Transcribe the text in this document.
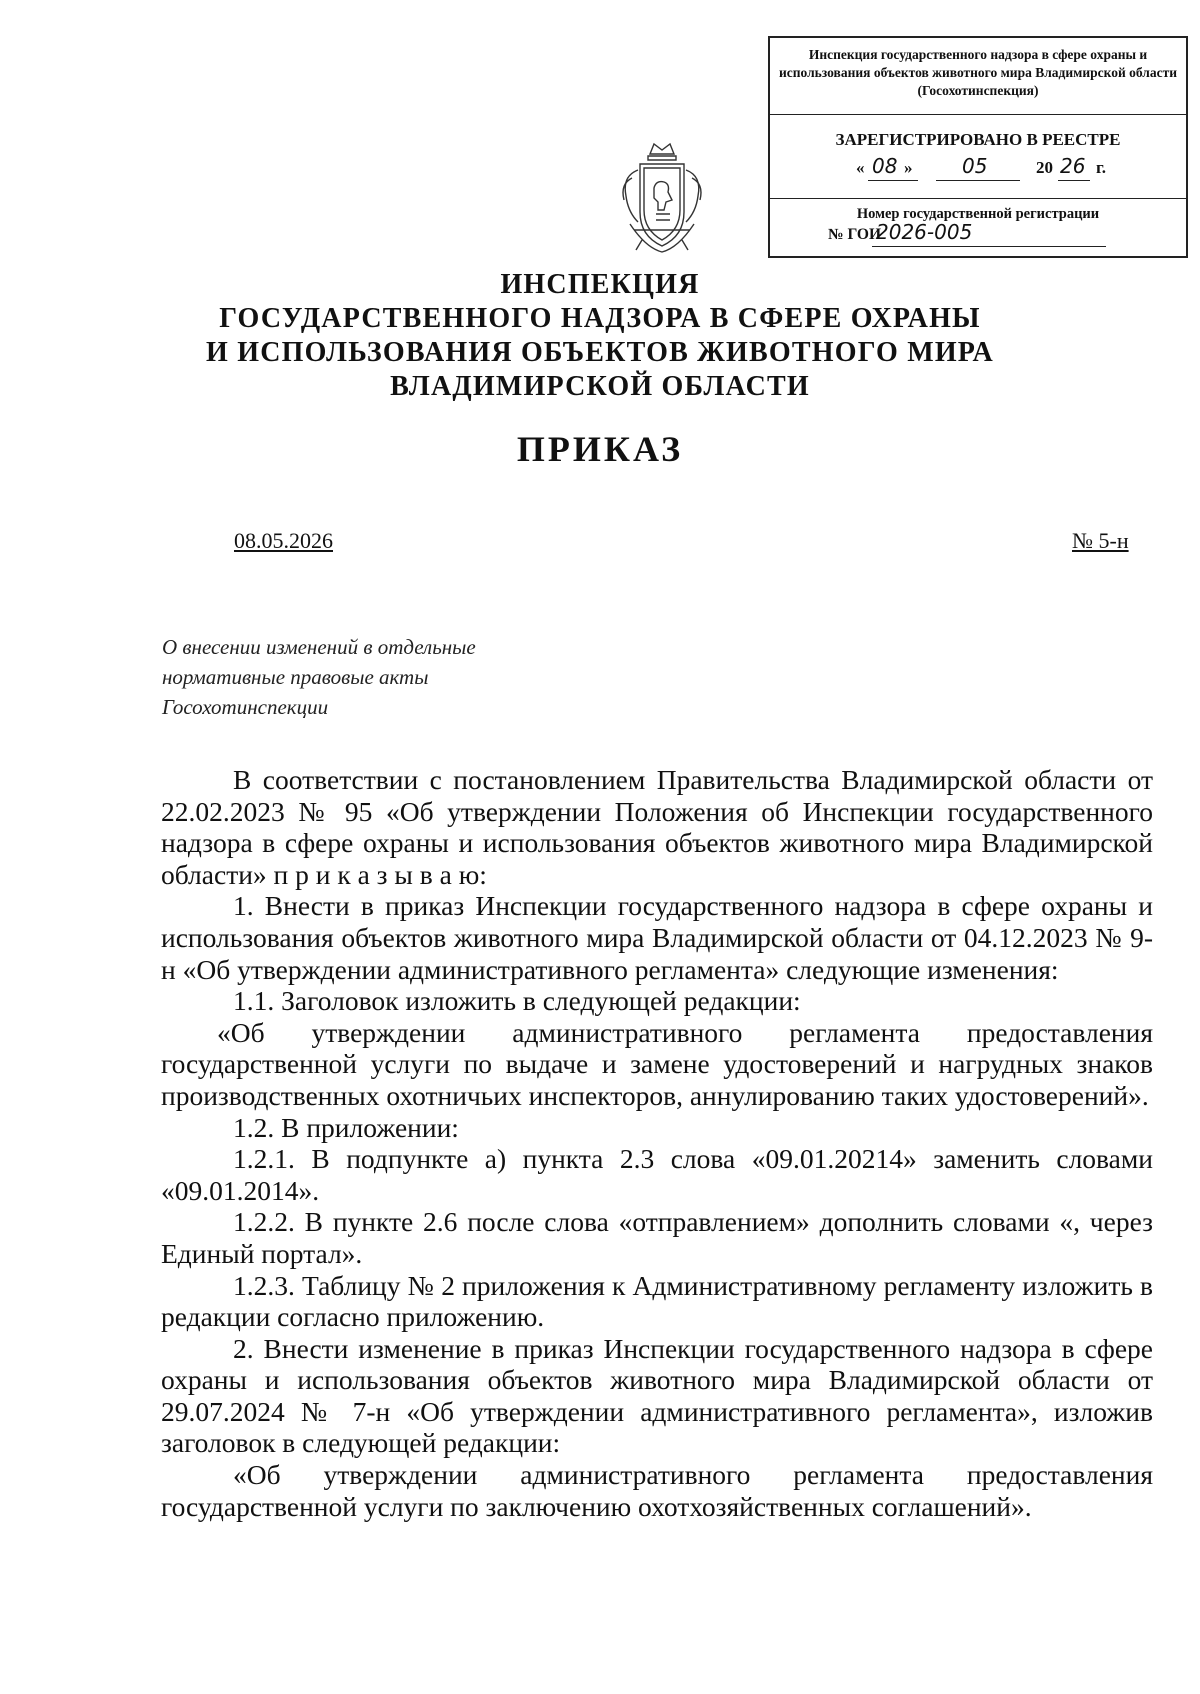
Инспекция государственного надзора в сфере охраны и использования объектов животного мира Владимирской области (Госохотинспекция)
ЗАРЕГИСТРИРОВАНО В РЕЕСТРЕ
« 08 » 05	20 26 г.
Номер государственной регистрации
№ ГОИ
2026-005
ИНСПЕКЦИЯ
ГОСУДАРСТВЕННОГО НАДЗОРА В СФЕРЕ ОХРАНЫ
И ИСПОЛЬЗОВАНИЯ ОБЪЕКТОВ ЖИВОТНОГО МИРА
ВЛАДИМИРСКОЙ ОБЛАСТИ
ПРИКАЗ
08.05.2026	№ 5-н
О внесении изменений в отдельные
нормативные правовые акты
Госохотинспекции

В соответствии с постановлением Правительства Владимирской области от 22.02.2023 № 95 «Об утверждении Положения об Инспекции государственного надзора в сфере охраны и использования объектов животного мира Владимирской области» п р и к а з ы в а ю:

1. Внести в приказ Инспекции государственного надзора в сфере охраны и использования объектов животного мира Владимирской области от 04.12.2023 № 9-н «Об утверждении административного регламента» следующие изменения:

1.1. Заголовок изложить в следующей редакции:

«Об утверждении административного регламента предоставления государственной услуги по выдаче и замене удостоверений и нагрудных знаков производственных охотничьих инспекторов, аннулированию таких удостоверений».

1.2. В приложении:

1.2.1. В подпункте а) пункта 2.3 слова «09.01.20214» заменить словами «09.01.2014».

1.2.2. В пункте 2.6 после слова «отправлением» дополнить словами «, через Единый портал».

1.2.3. Таблицу № 2 приложения к Административному регламенту изложить в редакции согласно приложению.

2. Внести изменение в приказ Инспекции государственного надзора в сфере охраны и использования объектов животного мира Владимирской области от 29.07.2024 № 7-н «Об утверждении административного регламента», изложив заголовок в следующей редакции:

«Об утверждении административного регламента предоставления государственной услуги по заключению охотхозяйственных соглашений».
